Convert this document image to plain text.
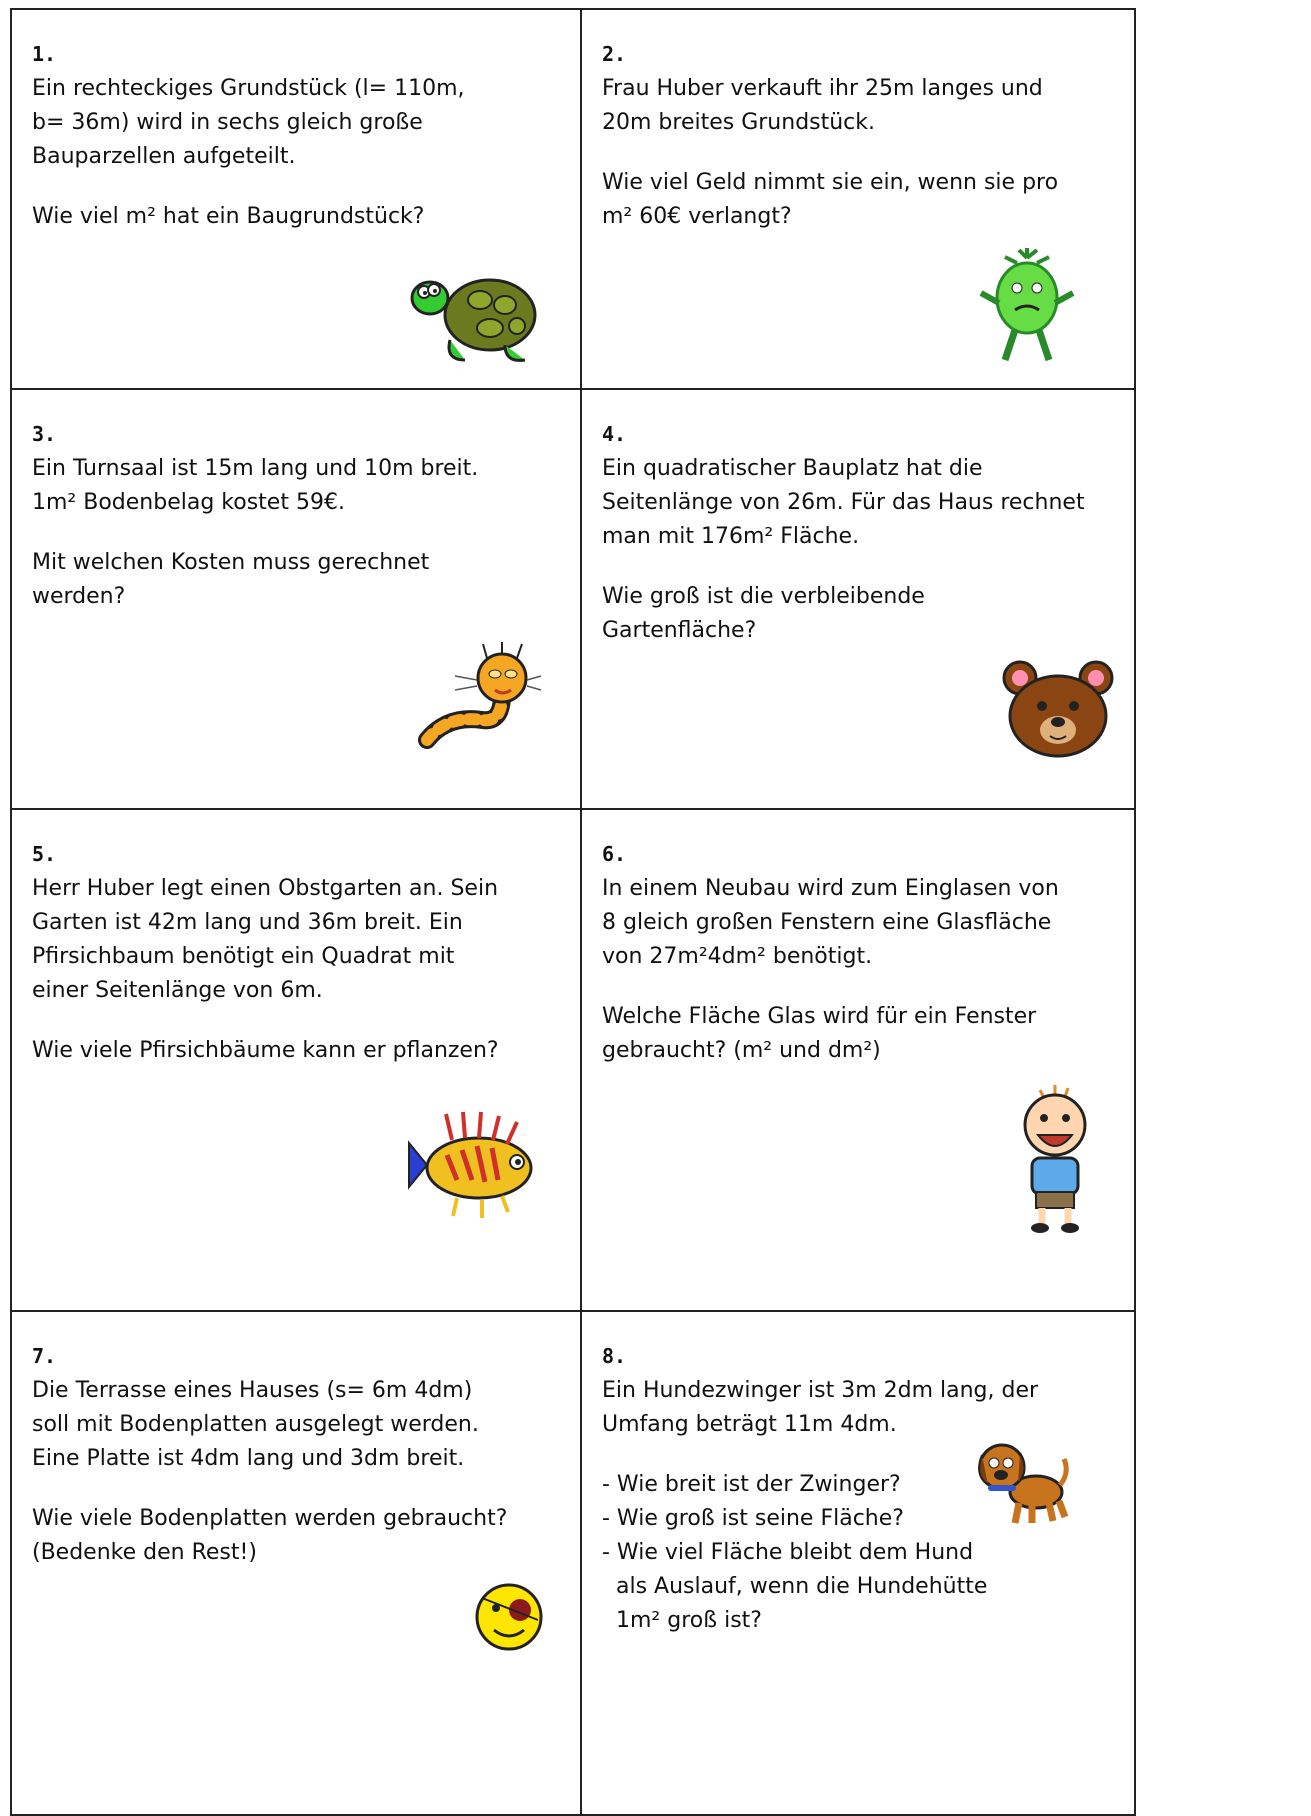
1.

Ein rechteckiges Grundstück (l= 110m,

b= 36m) wird in sechs gleich große

Bauparzellen aufgeteilt.

Wie viel m² hat ein Baugrundstück?

2.

Frau Huber verkauft ihr 25m langes und

20m breites Grundstück.

Wie viel Geld nimmt sie ein, wenn sie pro

m² 60€ verlangt?

3.

Ein Turnsaal ist 15m lang und 10m breit.

1m² Bodenbelag kostet 59€.

Mit welchen Kosten muss gerechnet

werden?

4.

Ein quadratischer Bauplatz hat die

Seitenlänge von 26m. Für das Haus rechnet

man mit 176m² Fläche.

Wie groß ist die verbleibende

Gartenfläche?

5.

Herr Huber legt einen Obstgarten an. Sein

Garten ist 42m lang und 36m breit. Ein

Pfirsichbaum benötigt ein Quadrat mit

einer Seitenlänge von 6m.

Wie viele Pfirsichbäume kann er pflanzen?

6.

In einem Neubau wird zum Einglasen von

8 gleich großen Fenstern eine Glasfläche

von 27m²4dm² benötigt.

Welche Fläche Glas wird für ein Fenster

gebraucht? (m² und dm²)

7.

Die Terrasse eines Hauses (s= 6m 4dm)

soll mit Bodenplatten ausgelegt werden.

Eine Platte ist 4dm lang und 3dm breit.

Wie viele Bodenplatten werden gebraucht?

(Bedenke den Rest!)

8.

Ein Hundezwinger ist 3m 2dm lang, der

Umfang beträgt 11m 4dm.

- Wie breit ist der Zwinger?

- Wie groß ist seine Fläche?

- Wie viel Fläche bleibt dem Hund

als Auslauf, wenn die Hundehütte

1m² groß ist?
